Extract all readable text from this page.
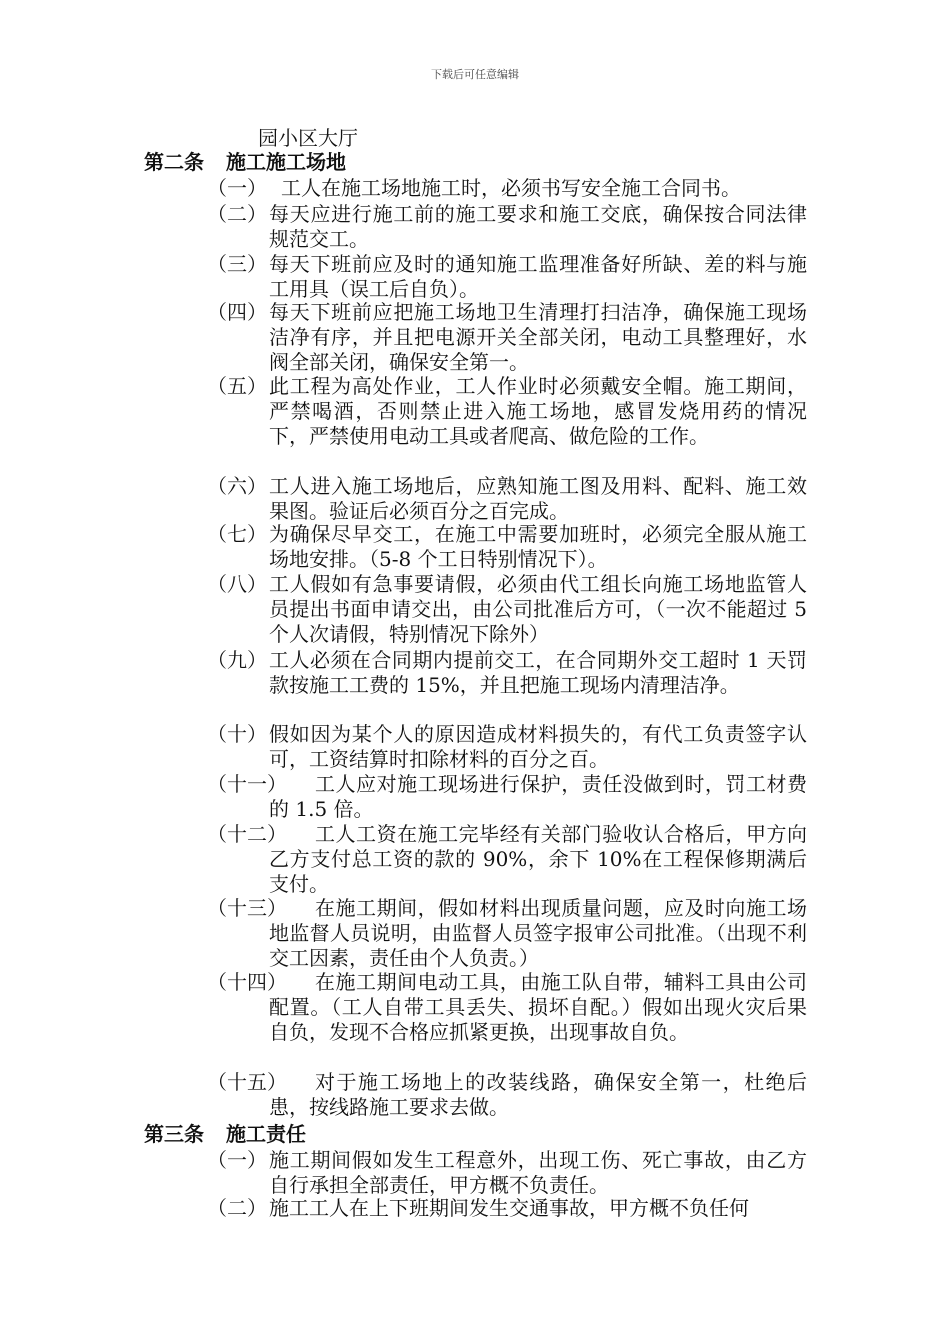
下载后可任意编辑
园小区大厅
第二条 施工施工场地
（一） 工人在施工场地施工时，必须书写安全施工合同书。
（二） 每天应进行施工前的施工要求和施工交底，确保按合同法律规范交工。
（三） 每天下班前应及时的通知施工监理准备好所缺、差的料与施工用具（误工后自负）。
（四） 每天下班前应把施工场地卫生清理打扫洁净，确保施工现场洁净有序，并且把电源开关全部关闭，电动工具整理好，水阀全部关闭，确保安全第一。
（五） 此工程为高处作业，工人作业时必须戴安全帽。施工期间，严禁喝酒，否则禁止进入施工场地，感冒发烧用药的情况下，严禁使用电动工具或者爬高、做危险的工作。
（六） 工人进入施工场地后，应熟知施工图及用料、配料、施工效果图。验证后必须百分之百完成。
（七） 为确保尽早交工，在施工中需要加班时，必须完全服从施工场地安排。（5-8 个工日特别情况下）。
（八） 工人假如有急事要请假，必须由代工组长向施工场地监管人员提出书面申请交出，由公司批准后方可，（一次不能超过 5 个人次请假，特别情况下除外）
（九） 工人必须在合同期内提前交工，在合同期外交工超时 1 天罚款按施工工费的 15%，并且把施工现场内清理洁净。
（十） 假如因为某个人的原因造成材料损失的，有代工负责签字认可，工资结算时扣除材料的百分之百。
（十一）	工人应对施工现场进行保护，责任没做到时，罚工材费的 1.5 倍。
（十二）	工人工资在施工完毕经有关部门验收认合格后，甲方向乙方支付总工资的款的 90%，余下 10%在工程保修期满后支付。
（十三）	在施工期间，假如材料出现质量问题，应及时向施工场地监督人员说明，由监督人员签字报审公司批准。（出现不利交工因素，责任由个人负责。）
（十四）	在施工期间电动工具，由施工队自带，辅料工具由公司配置。（工人自带工具丢失、损坏自配。）假如出现火灾后果自负，发现不合格应抓紧更换，出现事故自负。
（十五）	对于施工场地上的改装线路，确保安全第一，杜绝后患，按线路施工要求去做。
第三条 施工责任
（一） 施工期间假如发生工程意外，出现工伤、死亡事故，由乙方自行承担全部责任，甲方概不负责任。
（二） 施工工人在上下班期间发生交通事故，甲方概不负任何
